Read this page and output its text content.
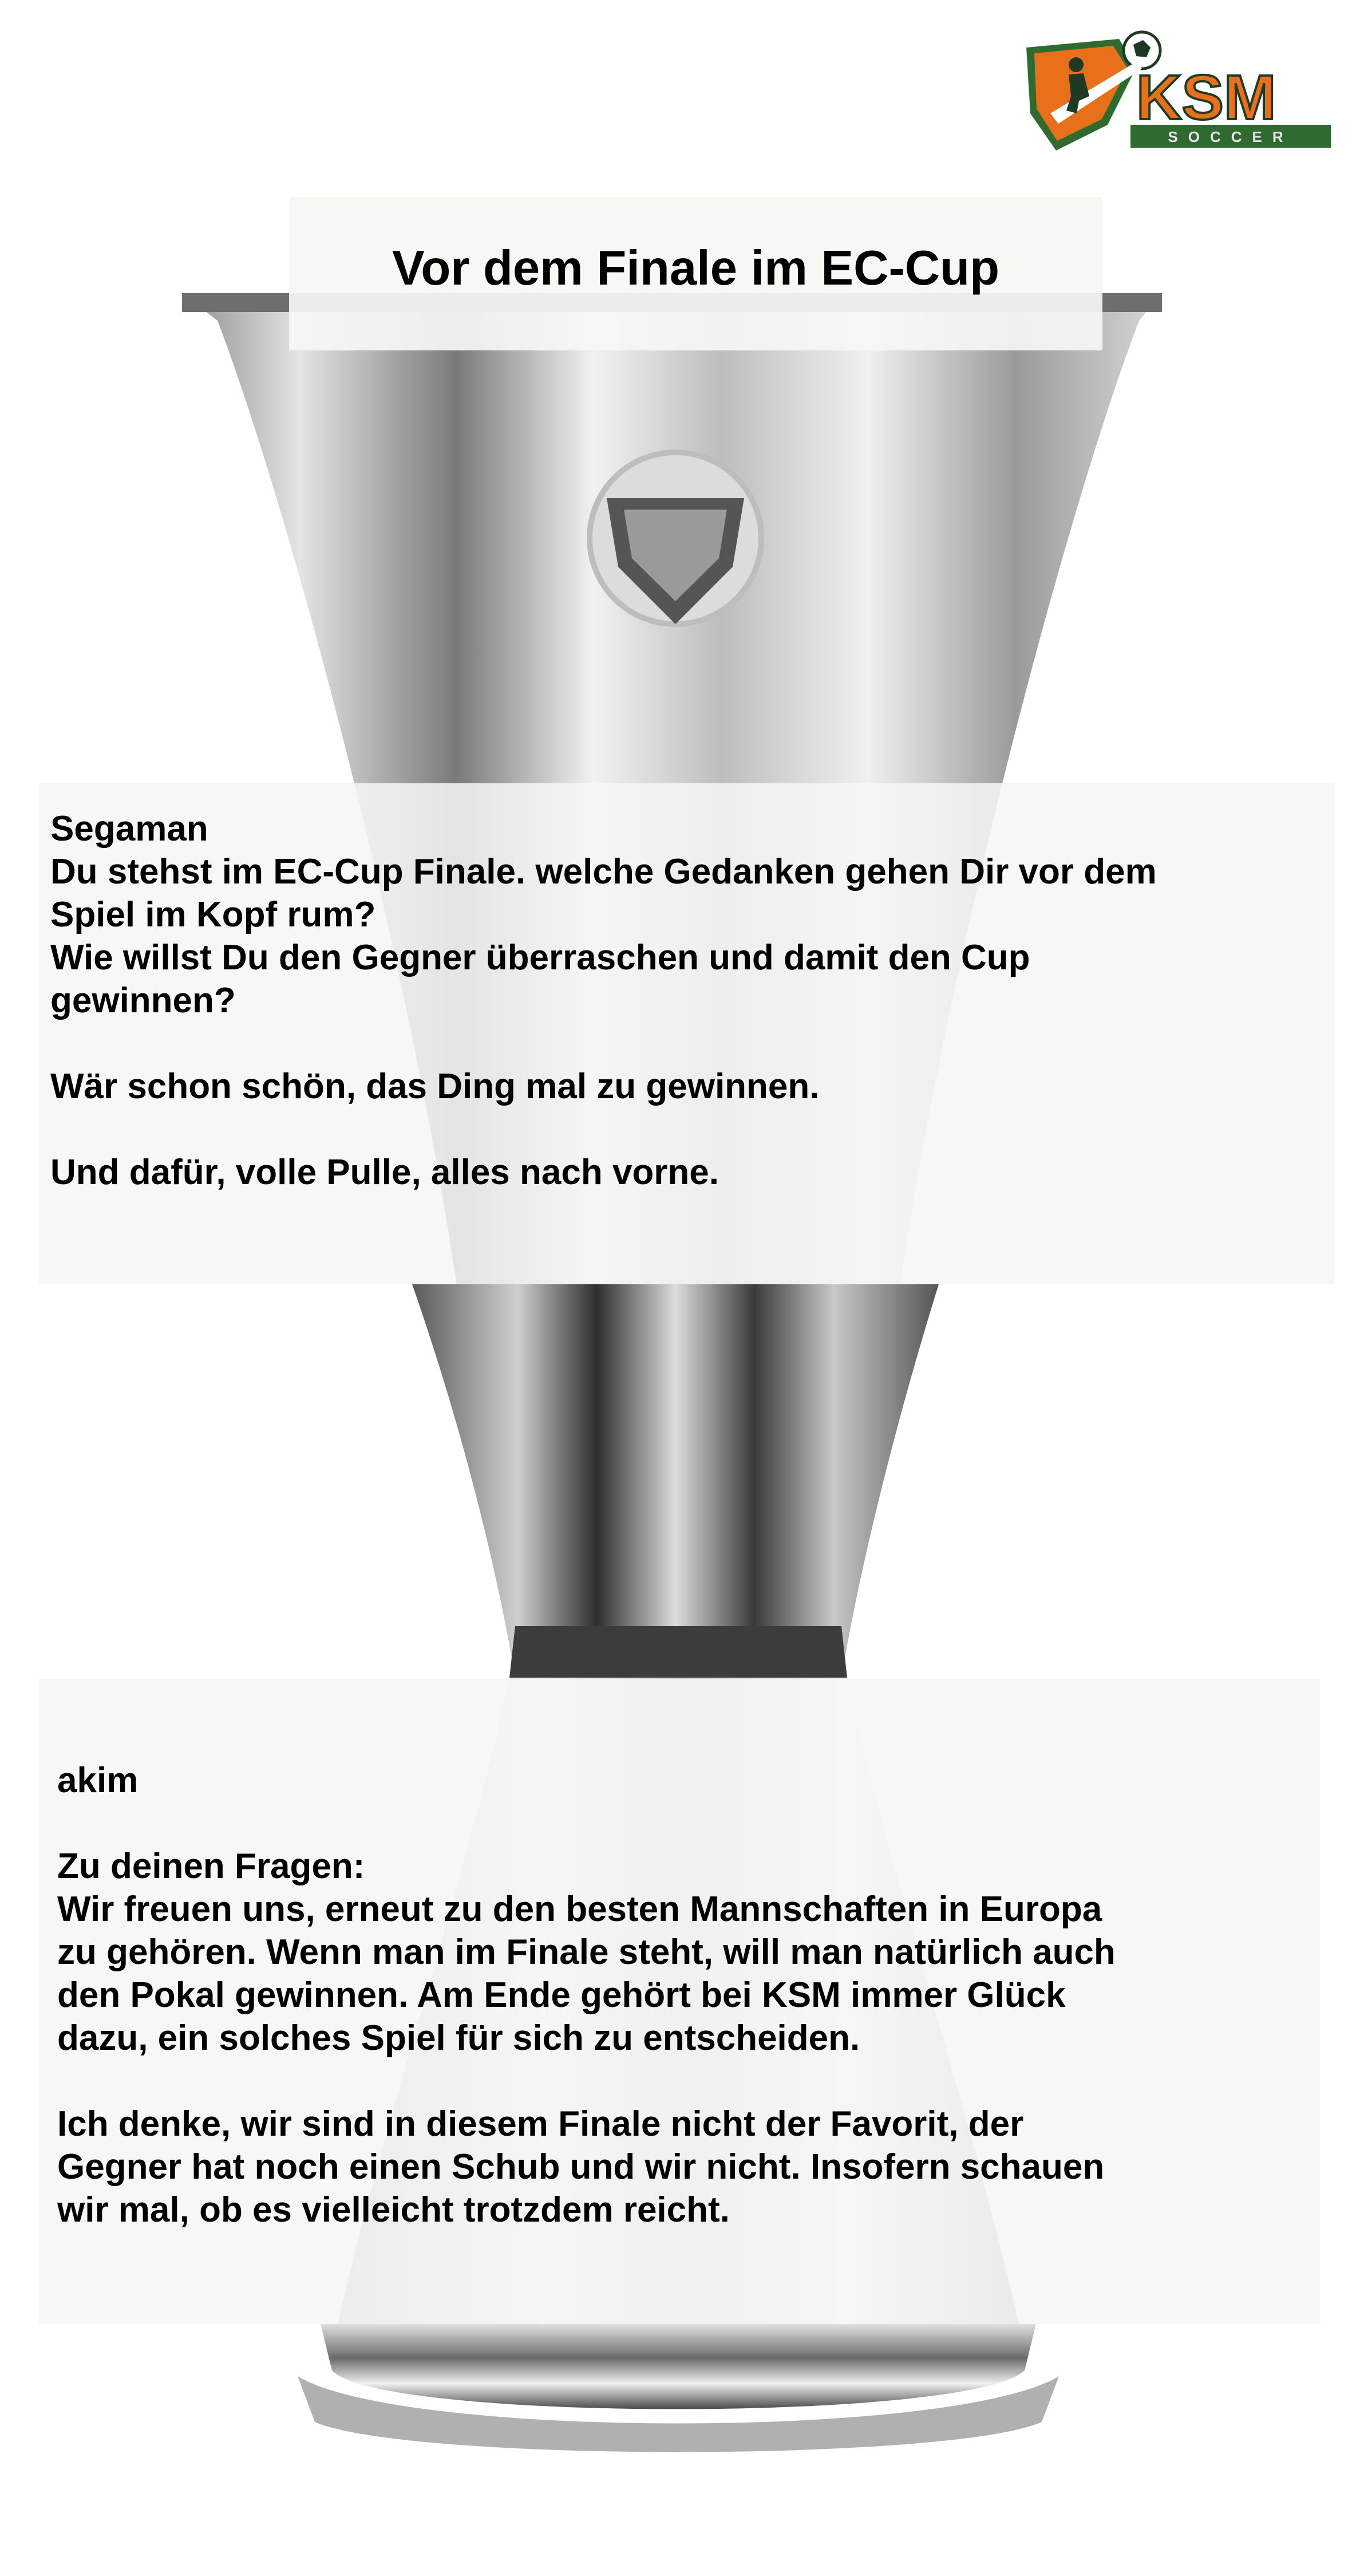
KSM
SOCCER
Vor dem Finale im EC-Cup
Segaman
Du stehst im EC-Cup Finale. welche Gedanken gehen Dir vor dem
Spiel im Kopf rum?
Wie willst Du den Gegner überraschen und damit den Cup
gewinnen?
Wär schon schön, das Ding mal zu gewinnen.
Und dafür, volle Pulle, alles nach vorne.
akim
Zu deinen Fragen:
Wir freuen uns, erneut zu den besten Mannschaften in Europa
zu gehören. Wenn man im Finale steht, will man natürlich auch
den Pokal gewinnen. Am Ende gehört bei KSM immer Glück
dazu, ein solches Spiel für sich zu entscheiden.
Ich denke, wir sind in diesem Finale nicht der Favorit, der
Gegner hat noch einen Schub und wir nicht. Insofern schauen
wir mal, ob es vielleicht trotzdem reicht.
